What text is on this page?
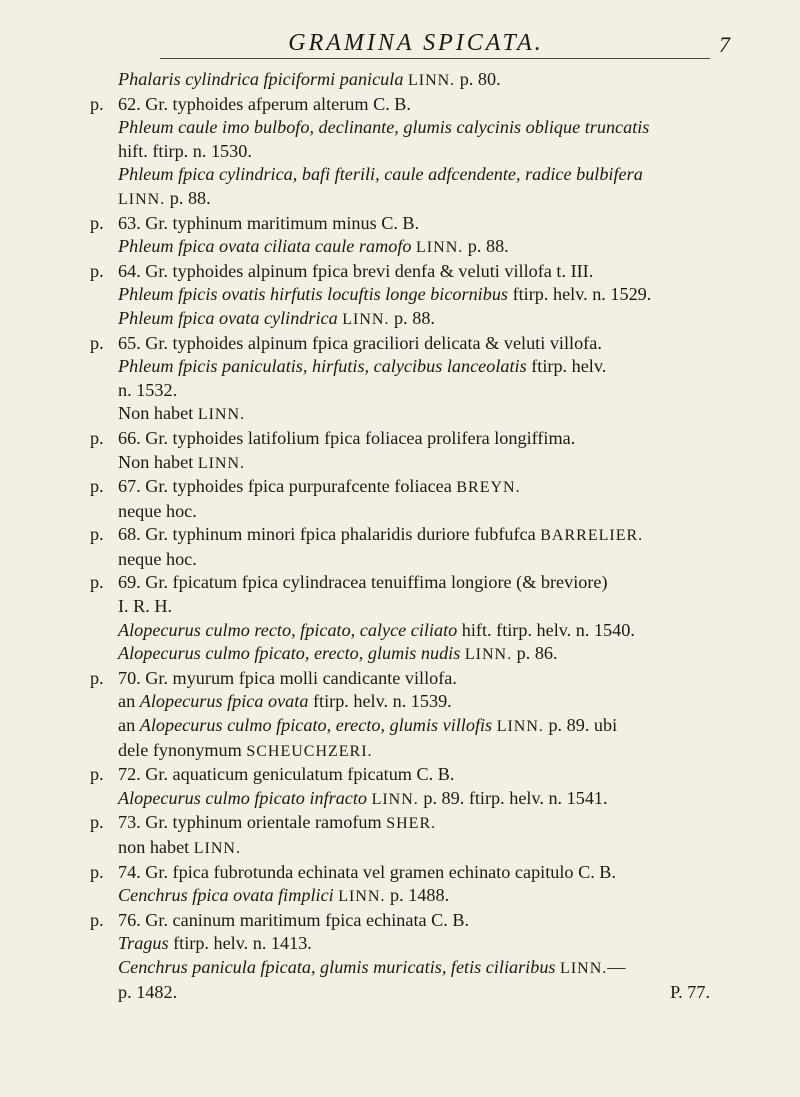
GRAMINA SPICATA.	7
Phalaris cylindrica fpiciformi panicula LINN. p. 80.
p. 62. Gr. typhoides afperum alterum C. B.
Phleum caule imo bulbofo, declinante, glumis calycinis oblique truncatis
hift. ftirp. n. 1530.
Phleum fpica cylindrica, bafi fterili, caule adfcendente, radice bulbifera
LINN. p. 88.
p. 63. Gr. typhinum maritimum minus C. B.
Phleum fpica ovata ciliata caule ramofo LINN. p. 88.
p. 64. Gr. typhoides alpinum fpica brevi denfa & veluti villofa t. III.
Phleum fpicis ovatis hirfutis locuftis longe bicornibus ftirp. helv. n. 1529.
Phleum fpica ovata cylindrica LINN. p. 88.
p. 65. Gr. typhoides alpinum fpica graciliori delicata & veluti villofa.
Phleum fpicis paniculatis, hirfutis, calycibus lanceolatis ftirp. helv.
n. 1532.
Non habet LINN.
p. 66. Gr. typhoides latifolium fpica foliacea prolifera longiffima.
Non habet LINN.
p. 67. Gr. typhoides fpica purpurafcente foliacea BREYN.
neque hoc.
p. 68. Gr. typhinum minori fpica phalaridis duriore fubfufca BARRELIER.
neque hoc.
p. 69. Gr. fpicatum fpica cylindracea tenuiffima longiore (& breviore)
I. R. H.
Alopecurus culmo recto, fpicato, calyce ciliato hift. ftirp. helv. n. 1540.
Alopecurus culmo fpicato, erecto, glumis nudis LINN. p. 86.
p. 70. Gr. myurum fpica molli candicante villofa.
an Alopecurus fpica ovata ftirp. helv. n. 1539.
an Alopecurus culmo fpicato, erecto, glumis villofis LINN. p. 89. ubi
dele fynonymum SCHEUCHZERI.
p. 72. Gr. aquaticum geniculatum fpicatum C. B.
Alopecurus culmo fpicato infracto LINN. p. 89. ftirp. helv. n. 1541.
p. 73. Gr. typhinum orientale ramofum SHER.
non habet LINN.
p. 74. Gr. fpica fubrotunda echinata vel gramen echinato capitulo C. B.
Cenchrus fpica ovata fimplici LINN. p. 1488.
p. 76. Gr. caninum maritimum fpica echinata C. B.
Tragus ftirp. helv. n. 1413.
Cenchrus panicula fpicata, glumis muricatis, fetis ciliaribus LINN.—
p. 1482.	P. 77.
